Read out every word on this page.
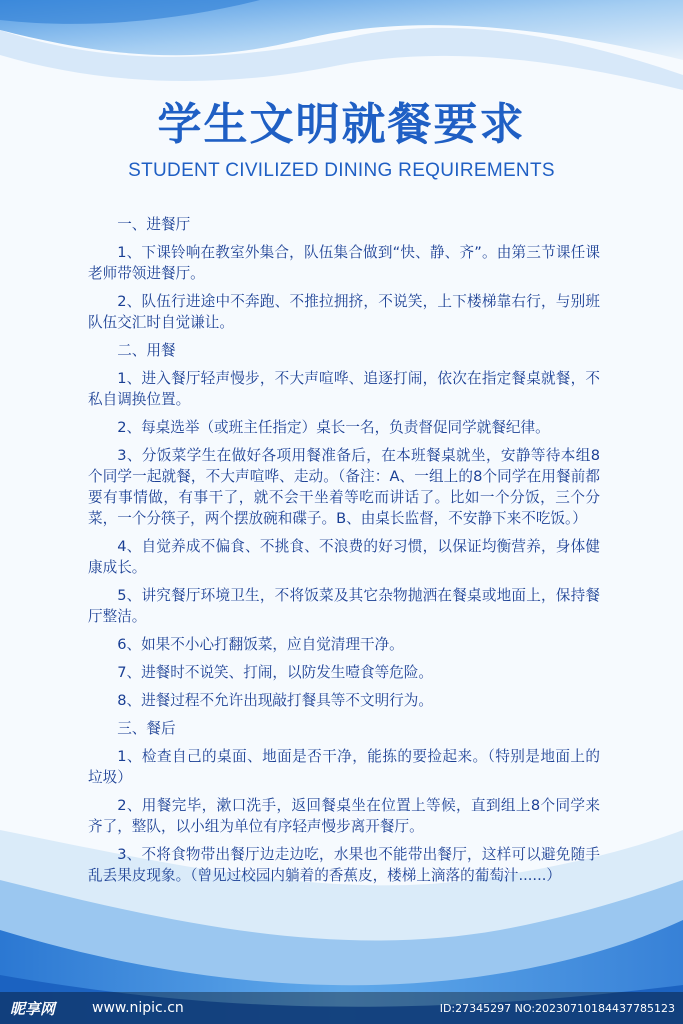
学生文明就餐要求
STUDENT CIVILIZED DINING REQUIREMENTS
一、进餐厅
1、下课铃响在教室外集合，队伍集合做到“快、静、齐”。由第三节课任课老师带领进餐厅。
2、队伍行进途中不奔跑、不推拉拥挤，不说笑，上下楼梯靠右行，与别班队伍交汇时自觉谦让。
二、用餐
1、进入餐厅轻声慢步，不大声喧哗、追逐打闹，依次在指定餐桌就餐，不私自调换位置。
2、每桌选举（或班主任指定）桌长一名，负责督促同学就餐纪律。
3、分饭菜学生在做好各项用餐准备后，在本班餐桌就坐，安静等待本组8个同学一起就餐，不大声喧哗、走动。（备注：A、一组上的8个同学在用餐前都要有事情做，有事干了，就不会干坐着等吃而讲话了。比如一个分饭，三个分菜，一个分筷子，两个摆放碗和碟子。B、由桌长监督，不安静下来不吃饭。）
4、自觉养成不偏食、不挑食、不浪费的好习惯，以保证均衡营养，身体健康成长。
5、讲究餐厅环境卫生，不将饭菜及其它杂物抛洒在餐桌或地面上，保持餐厅整洁。
6、如果不小心打翻饭菜，应自觉清理干净。
7、进餐时不说笑、打闹，以防发生噎食等危险。
8、进餐过程不允许出现敲打餐具等不文明行为。
三、餐后
1、检查自己的桌面、地面是否干净，能拣的要捡起来。（特别是地面上的垃圾）
2、用餐完毕，漱口洗手，返回餐桌坐在位置上等候，直到组上8个同学来齐了，整队，以小组为单位有序轻声慢步离开餐厅。
3、不将食物带出餐厅边走边吃，水果也不能带出餐厅，这样可以避免随手乱丢果皮现象。（曾见过校园内躺着的香蕉皮，楼梯上滴落的葡萄汁......）
昵享网	www.nipic.cn	ID:27345297 NO:20230710184437785123
